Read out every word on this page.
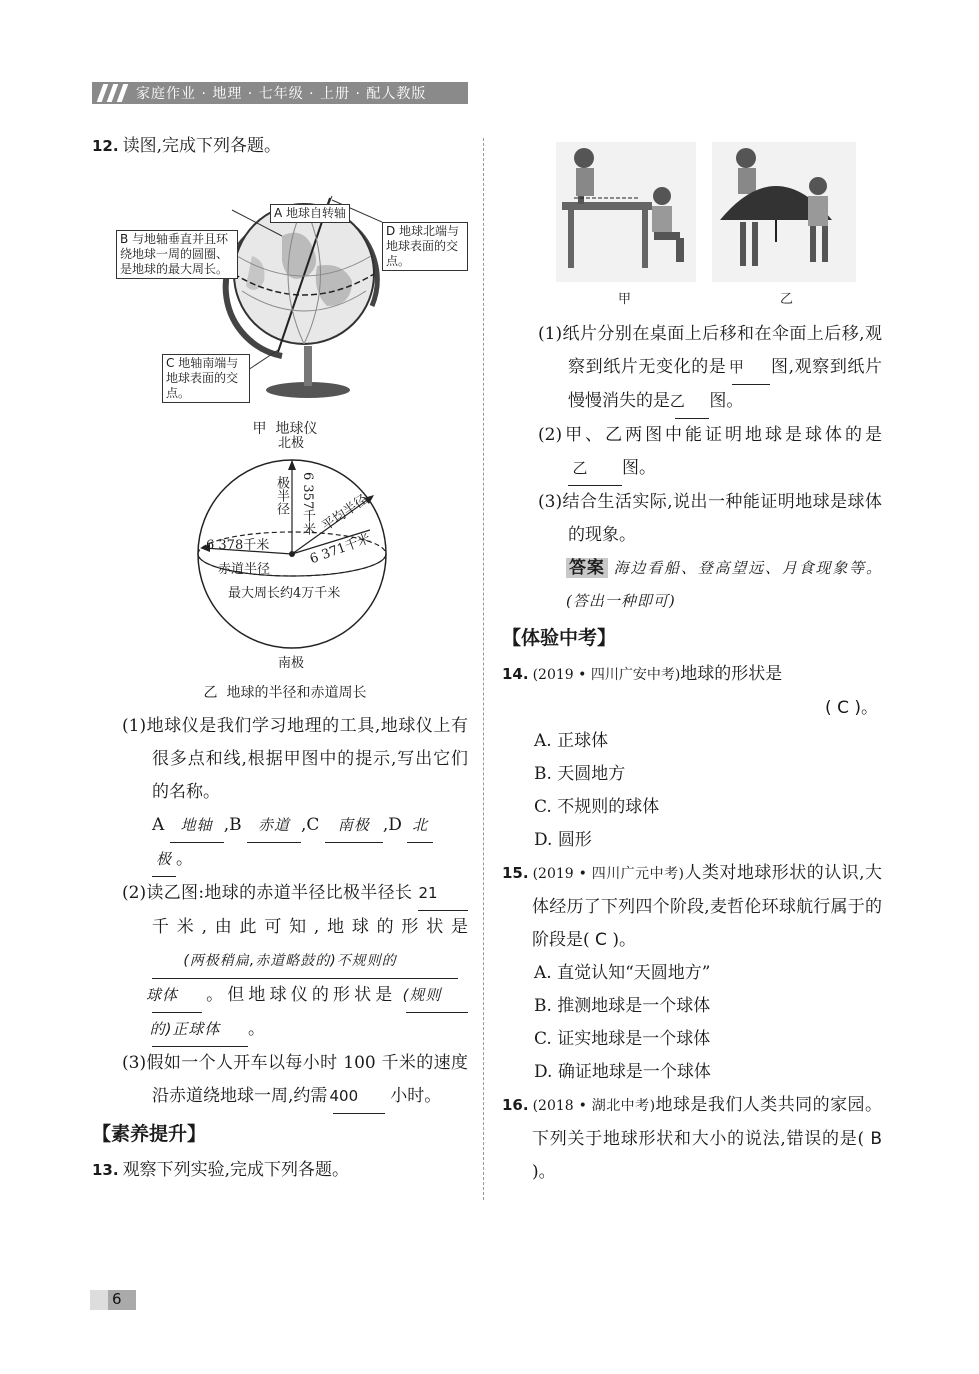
家庭作业 · 地理 · 七年级 · 上册 · 配人教版
12. 读图,完成下列各题。
A 地球自转轴
B 与地轴垂直并且环绕地球一周的圆圈、是地球的最大周长。
D 地球北端与地球表面的交点。
C 地轴南端与地球表面的交点。
甲  地球仪
北极
极半径 6 357千米 平均半径
6 371千米
6 378千米
赤道半径
最大周长约4万千米
南极
乙  地球的半径和赤道周长
(1)地球仪是我们学习地理的工具,地球仪上有很多点和线,根据甲图中的提示,写出它们的名称。
A 地轴 ,B 赤道 ,C 南极 ,D 北
极 。
(2)读乙图:地球的赤道半径比极半径长 21 千米,由此可知,地球的形状是 (两极稍扁,赤道略鼓的)不规则的 球体 。但地球仪的形状是 (规则 的)正球体 。
(3)假如一个人开车以每小时 100 千米的速度沿赤道绕地球一周,约需 400 小时。
【素养提升】
13. 观察下列实验,完成下列各题。
甲	乙
(1)纸片分别在桌面上后移和在伞面上后移,观察到纸片无变化的是 甲 图,观察到纸片慢慢消失的是 乙 图。
(2)甲、乙两图中能证明地球是球体的是 乙 图。
(3)结合生活实际,说出一种能证明地球是球体的现象。
答案 海边看船、登高望远、月食现象等。(答出一种即可)
【体验中考】
14. (2019 • 四川广安中考)地球的形状是
( C )。
A. 正球体
B. 天圆地方
C. 不规则的球体
D. 圆形
15. (2019 • 四川广元中考)人类对地球形状的认识,大体经历了下列四个阶段,麦哲伦环球航行属于的阶段是( C )。
A. 直觉认知“天圆地方”
B. 推测地球是一个球体
C. 证实地球是一个球体
D. 确证地球是一个球体
16. (2018 • 湖北中考)地球是我们人类共同的家园。下列关于地球形状和大小的说法,错误的是( B )。
6
